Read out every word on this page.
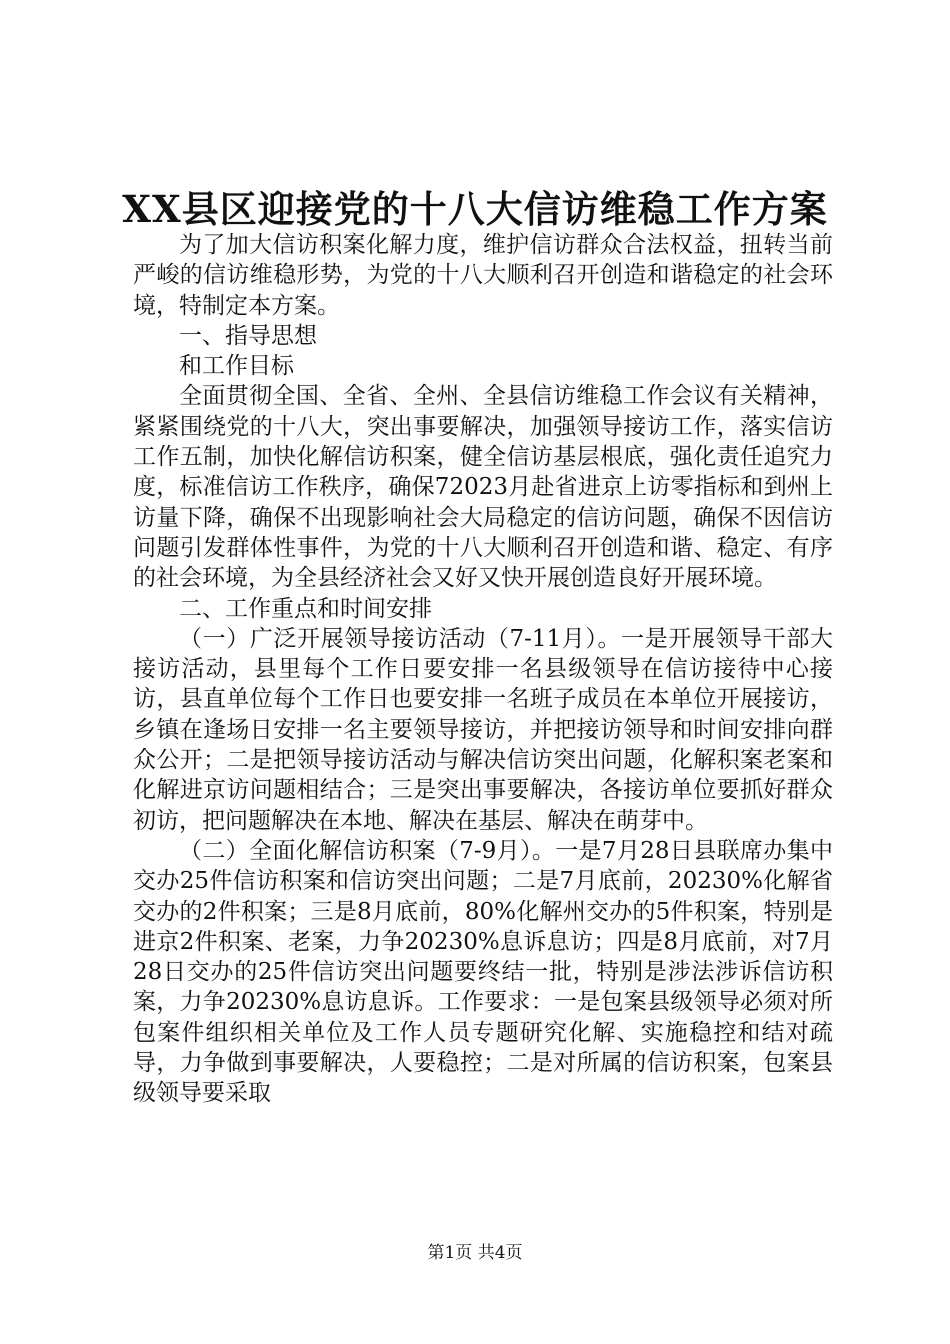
XX县区迎接党的十八大信访维稳工作方案

为了加大信访积案化解力度，维护信访群众合法权益，扭转当前严峻的信访维稳形势，为党的十八大顺利召开创造和谐稳定的社会环境，特制定本方案。

一、指导思想

和工作目标

全面贯彻全国、全省、全州、全县信访维稳工作会议有关精神，紧紧围绕党的十八大，突出事要解决，加强领导接访工作，落实信访工作五制，加快化解信访积案，健全信访基层根底，强化责任追究力度，标准信访工作秩序，确保72023月赴省进京上访零指标和到州上访量下降，确保不出现影响社会大局稳定的信访问题，确保不因信访问题引发群体性事件，为党的十八大顺利召开创造和谐、稳定、有序的社会环境，为全县经济社会又好又快开展创造良好开展环境。

二、工作重点和时间安排

（一）广泛开展领导接访活动（7-11月）。一是开展领导干部大接访活动，县里每个工作日要安排一名县级领导在信访接待中心接访，县直单位每个工作日也要安排一名班子成员在本单位开展接访，乡镇在逢场日安排一名主要领导接访，并把接访领导和时间安排向群众公开；二是把领导接访活动与解决信访突出问题，化解积案老案和化解进京访问题相结合；三是突出事要解决，各接访单位要抓好群众初访，把问题解决在本地、解决在基层、解决在萌芽中。

（二）全面化解信访积案（7-9月）。一是7月28日县联席办集中交办25件信访积案和信访突出问题；二是7月底前，20230%化解省交办的2件积案；三是8月底前，80%化解州交办的5件积案，特别是进京2件积案、老案，力争20230%息诉息访；四是8月底前，对7月28日交办的25件信访突出问题要终结一批，特别是涉法涉诉信访积案，力争20230%息访息诉。工作要求：一是包案县级领导必须对所包案件组织相关单位及工作人员专题研究化解、实施稳控和结对疏导，力争做到事要解决，人要稳控；二是对所属的信访积案，包案县级领导要采取

第1页 共4页
